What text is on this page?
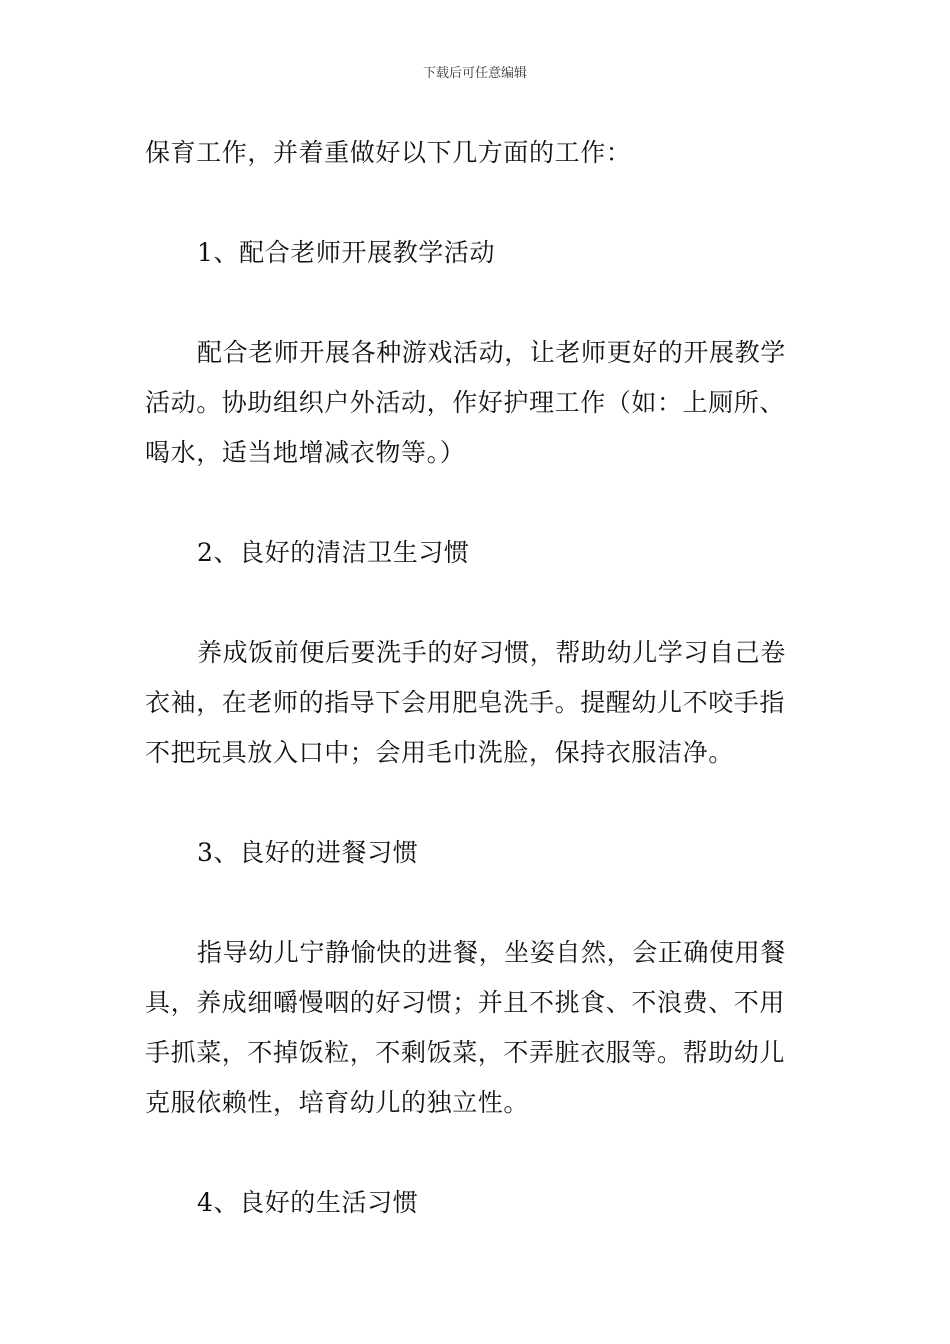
下载后可任意编辑
保育工作，并着重做好以下几方面的工作：
1、配合老师开展教学活动
配合老师开展各种游戏活动，让老师更好的开展教学
活动。协助组织户外活动，作好护理工作（如：上厕所、
喝水，适当地增减衣物等。）
2、良好的清洁卫生习惯
养成饭前便后要洗手的好习惯，帮助幼儿学习自己卷
衣袖，在老师的指导下会用肥皂洗手。提醒幼儿不咬手指
不把玩具放入口中；会用毛巾洗脸，保持衣服洁净。
3、良好的进餐习惯
指导幼儿宁静愉快的进餐，坐姿自然，会正确使用餐
具，养成细嚼慢咽的好习惯；并且不挑食、不浪费、不用
手抓菜，不掉饭粒，不剩饭菜，不弄脏衣服等。帮助幼儿
克服依赖性，培育幼儿的独立性。
4、良好的生活习惯
